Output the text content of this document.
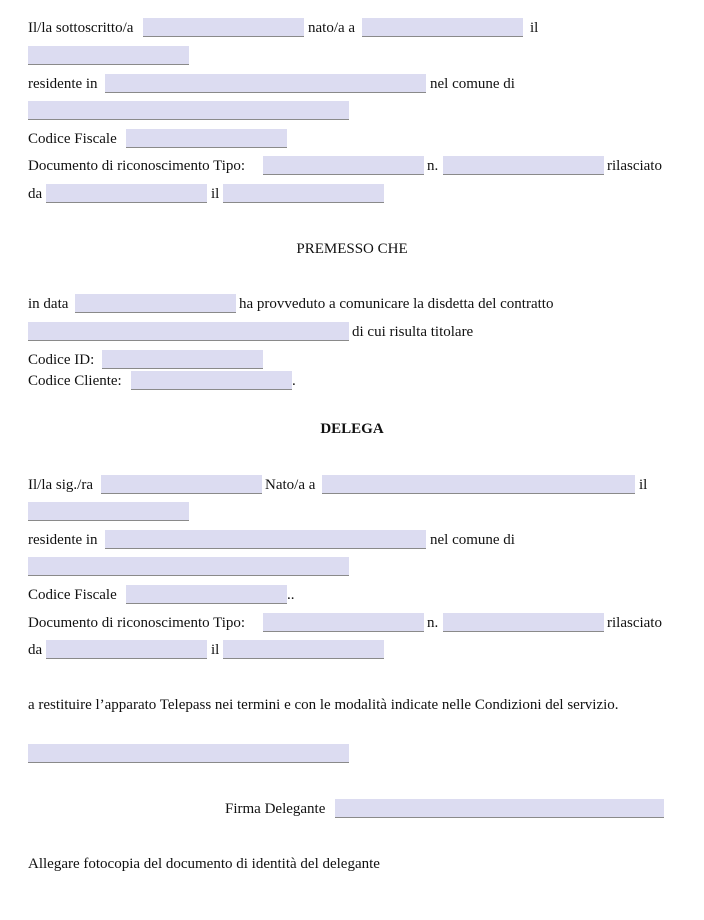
Il/la sottoscritto/a	nato/a a	il
residente in	nel comune di
Codice Fiscale
Documento di riconoscimento Tipo:	n.	rilasciato
da	il
PREMESSO CHE
in data	ha provveduto a comunicare la disdetta del contratto
di cui risulta titolare
Codice ID:
Codice Cliente:	.
DELEGA
Il/la sig./ra	Nato/a a	il
residente in	nel comune di
Codice Fiscale	..
Documento di riconoscimento Tipo:	n.	rilasciato
da	il
a restituire l’apparato Telepass nei termini e con le modalità indicate nelle Condizioni del servizio.
Firma Delegante
Allegare fotocopia del documento di identità del delegante
